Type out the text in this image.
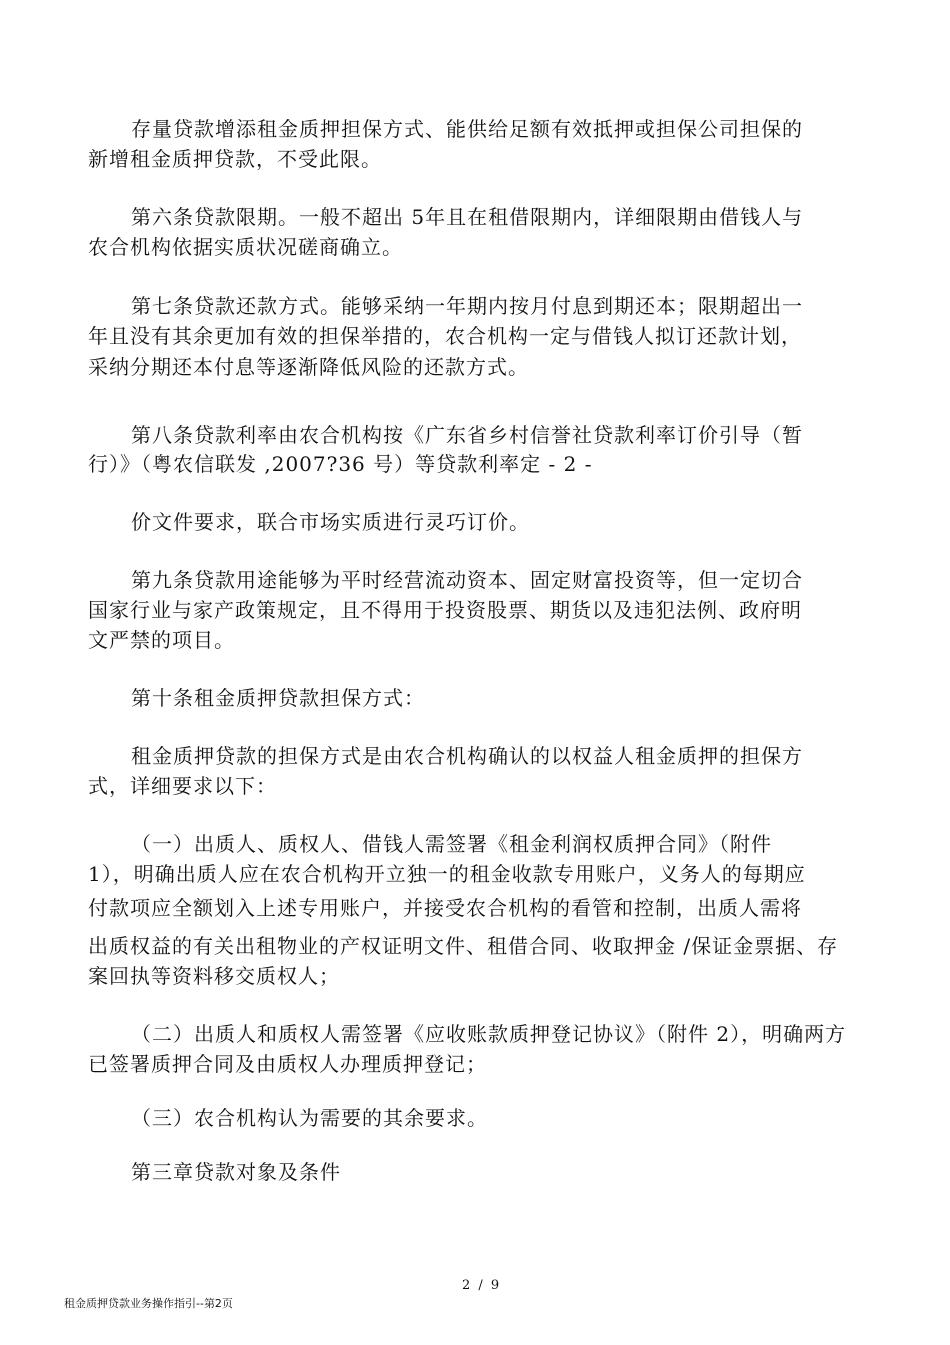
存量贷款增添租金质押担保方式、能供给足额有效抵押或担保公司担保的
新增租金质押贷款，不受此限。
第六条贷款限期。一般不超出 5年且在租借限期内，详细限期由借钱人与
农合机构依据实质状况磋商确立。
第七条贷款还款方式。能够采纳一年期内按月付息到期还本；限期超出一
年且没有其余更加有效的担保举措的，农合机构一定与借钱人拟订还款计划，
采纳分期还本付息等逐渐降低风险的还款方式。
第八条贷款利率由农合机构按《广东省乡村信誉社贷款利率订价引导（暂
行）》（粤农信联发 ,2007?36 号）等贷款利率定 - 2 -
价文件要求，联合市场实质进行灵巧订价。
第九条贷款用途能够为平时经营流动资本、固定财富投资等，但一定切合
国家行业与家产政策规定，且不得用于投资股票、期货以及违犯法例、政府明
文严禁的项目。
第十条租金质押贷款担保方式：
租金质押贷款的担保方式是由农合机构确认的以权益人租金质押的担保方
式，详细要求以下：
（一）出质人、质权人、借钱人需签署《租金利润权质押合同》（附件
1），明确出质人应在农合机构开立独一的租金收款专用账户，义务人的每期应
付款项应全额划入上述专用账户，并接受农合机构的看管和控制，出质人需将
出质权益的有关出租物业的产权证明文件、租借合同、收取押金 /保证金票据、存
案回执等资料移交质权人；
（二）出质人和质权人需签署《应收账款质押登记协议》（附件 2），明确两方
已签署质押合同及由质权人办理质押登记；
（三）农合机构认为需要的其余要求。
第三章贷款对象及条件
2 / 9
租金质押贷款业务操作指引--第2页
